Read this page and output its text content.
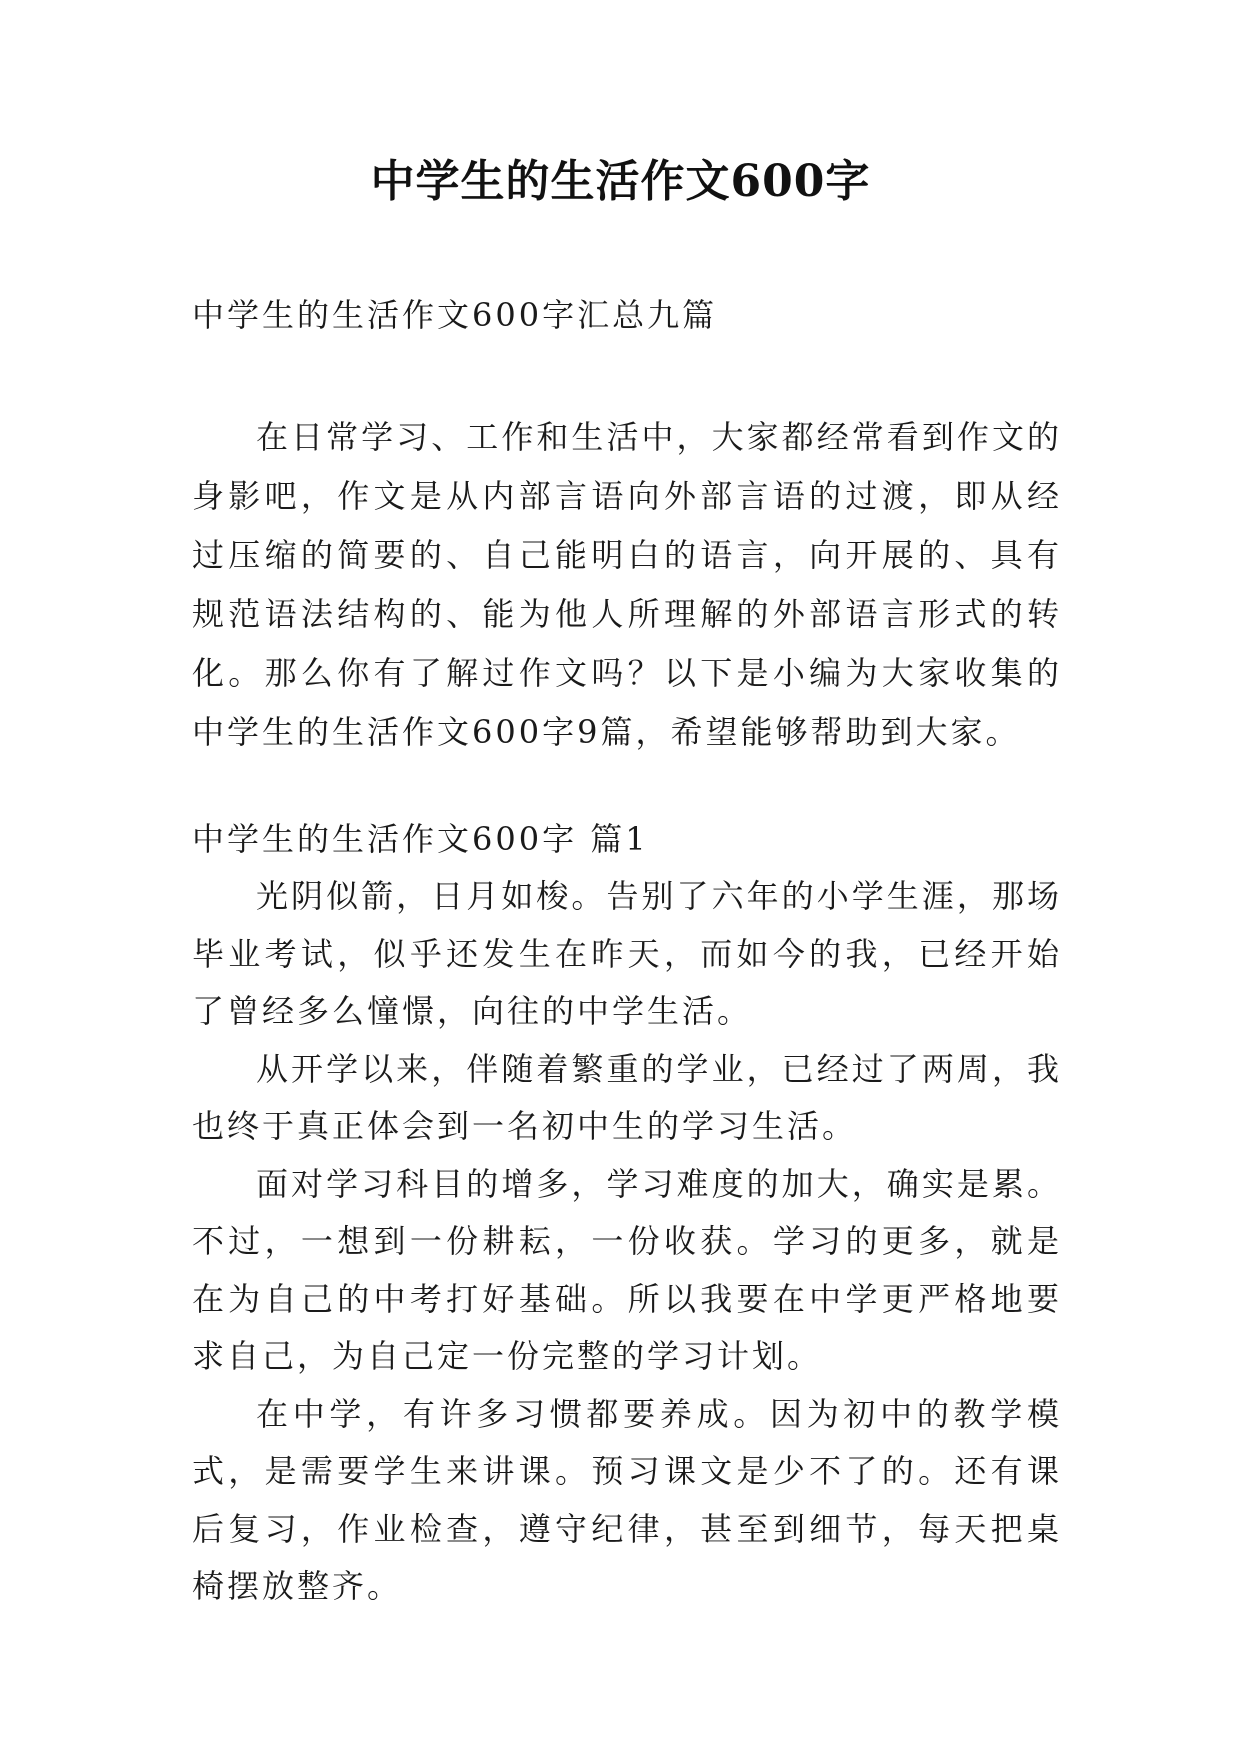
中学生的生活作文600字
中学生的生活作文600字汇总九篇

在日常学习、工作和生活中，大家都经常看到作文的身影吧，作文是从内部言语向外部言语的过渡，即从经过压缩的简要的、自己能明白的语言，向开展的、具有规范语法结构的、能为他人所理解的外部语言形式的转化。那么你有了解过作文吗？以下是小编为大家收集的中学生的生活作文600字9篇，希望能够帮助到大家。

中学生的生活作文600字 篇1

光阴似箭，日月如梭。告别了六年的小学生涯，那场毕业考试，似乎还发生在昨天，而如今的我，已经开始了曾经多么憧憬，向往的中学生活。

从开学以来，伴随着繁重的学业，已经过了两周，我也终于真正体会到一名初中生的学习生活。

面对学习科目的增多，学习难度的加大，确实是累。不过，一想到一份耕耘，一份收获。学习的更多，就是在为自己的中考打好基础。所以我要在中学更严格地要求自己，为自己定一份完整的学习计划。

在中学，有许多习惯都要养成。因为初中的教学模式，是需要学生来讲课。预习课文是少不了的。还有课后复习，作业检查，遵守纪律，甚至到细节，每天把桌椅摆放整齐。
